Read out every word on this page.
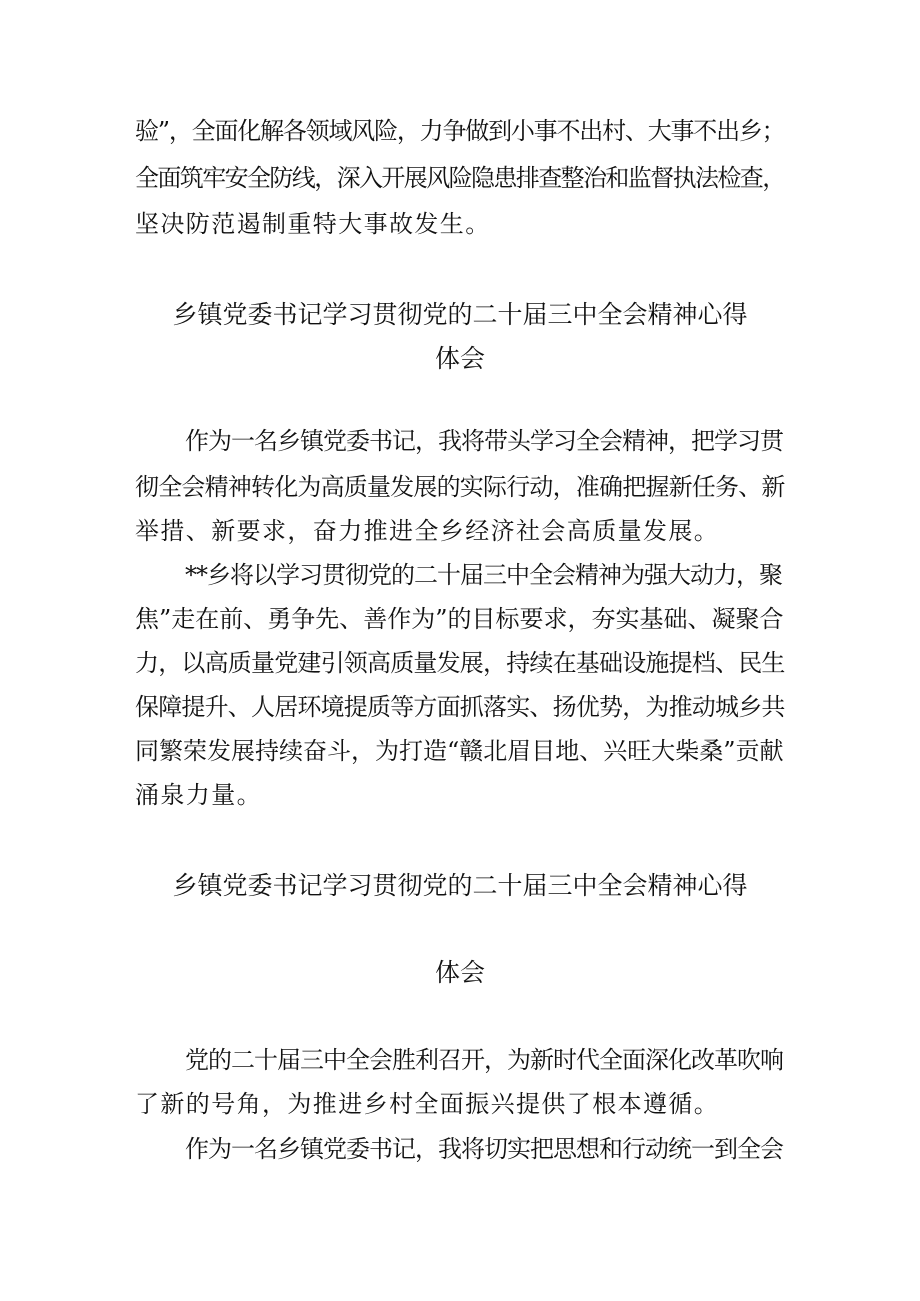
验”，全面化解各领域风险，力争做到小事不出村、大事不出乡；
全面筑牢安全防线，深入开展风险隐患排查整治和监督执法检查，
坚决防范遏制重特大事故发生。
乡镇党委书记学习贯彻党的二十届三中全会精神心得
体会
作为一名乡镇党委书记，我将带头学习全会精神，把学习贯
彻全会精神转化为高质量发展的实际行动，准确把握新任务、新
举措、新要求，奋力推进全乡经济社会高质量发展。
**乡将以学习贯彻党的二十届三中全会精神为强大动力，聚
焦”走在前、勇争先、善作为”的目标要求，夯实基础、凝聚合
力，以高质量党建引领高质量发展，持续在基础设施提档、民生
保障提升、人居环境提质等方面抓落实、扬优势，为推动城乡共
同繁荣发展持续奋斗，为打造“赣北眉目地、兴旺大柴桑”贡献
涌泉力量。
乡镇党委书记学习贯彻党的二十届三中全会精神心得
体会
党的二十届三中全会胜利召开，为新时代全面深化改革吹响
了新的号角，为推进乡村全面振兴提供了根本遵循。
作为一名乡镇党委书记，我将切实把思想和行动统一到全会
